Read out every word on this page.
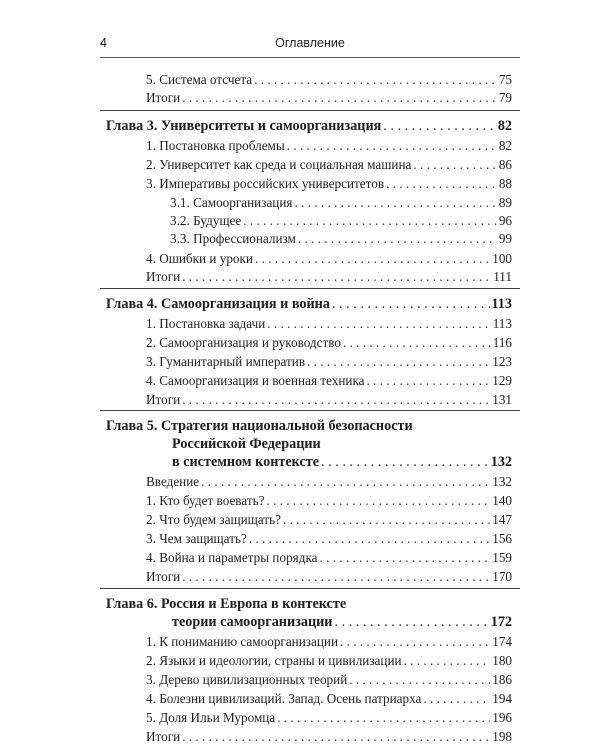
4	Оглавление
5. Система отсчета . . .	75
Итоги . . .	79
Глава 3. Университеты и самоорганизация . . .	82
1. Постановка проблемы . . .	82
2. Университет как среда и социальная машина . . .	86
3. Императивы российских университетов . . .	88
3.1. Самоорганизация . . .	89
3.2. Будущее . . .	96
3.3. Профессионализм . . .	99
4. Ошибки и уроки . . .	100
Итоги . . .	111
Глава 4. Самоорганизация и война . . .	113
1. Постановка задачи . . .	113
2. Самоорганизация и руководство . . .	116
3. Гуманитарный императив . . .	123
4. Самоорганизация и военная техника . . .	129
Итоги . . .	131
Глава 5. Стратегия национальной безопасности
Российской Федерации
в системном контексте . . .	132
Введение . . .	132
1. Кто будет воевать? . . .	140
2. Что будем защищать? . . .	147
3. Чем защищать? . . .	156
4. Война и параметры порядка . . .	159
Итоги . . .	170
Глава 6. Россия и Европа в контексте
теории самоорганизации . . .	172
1. К пониманию самоорганизации . . .	174
2. Языки и идеологии, страны и цивилизации . . .	180
3. Дерево цивилизационных теорий . . .	186
4. Болезни цивилизаций. Запад. Осень патриарха . . .	194
5. Доля Ильи Муромца . . .	196
Итоги . . .	198
